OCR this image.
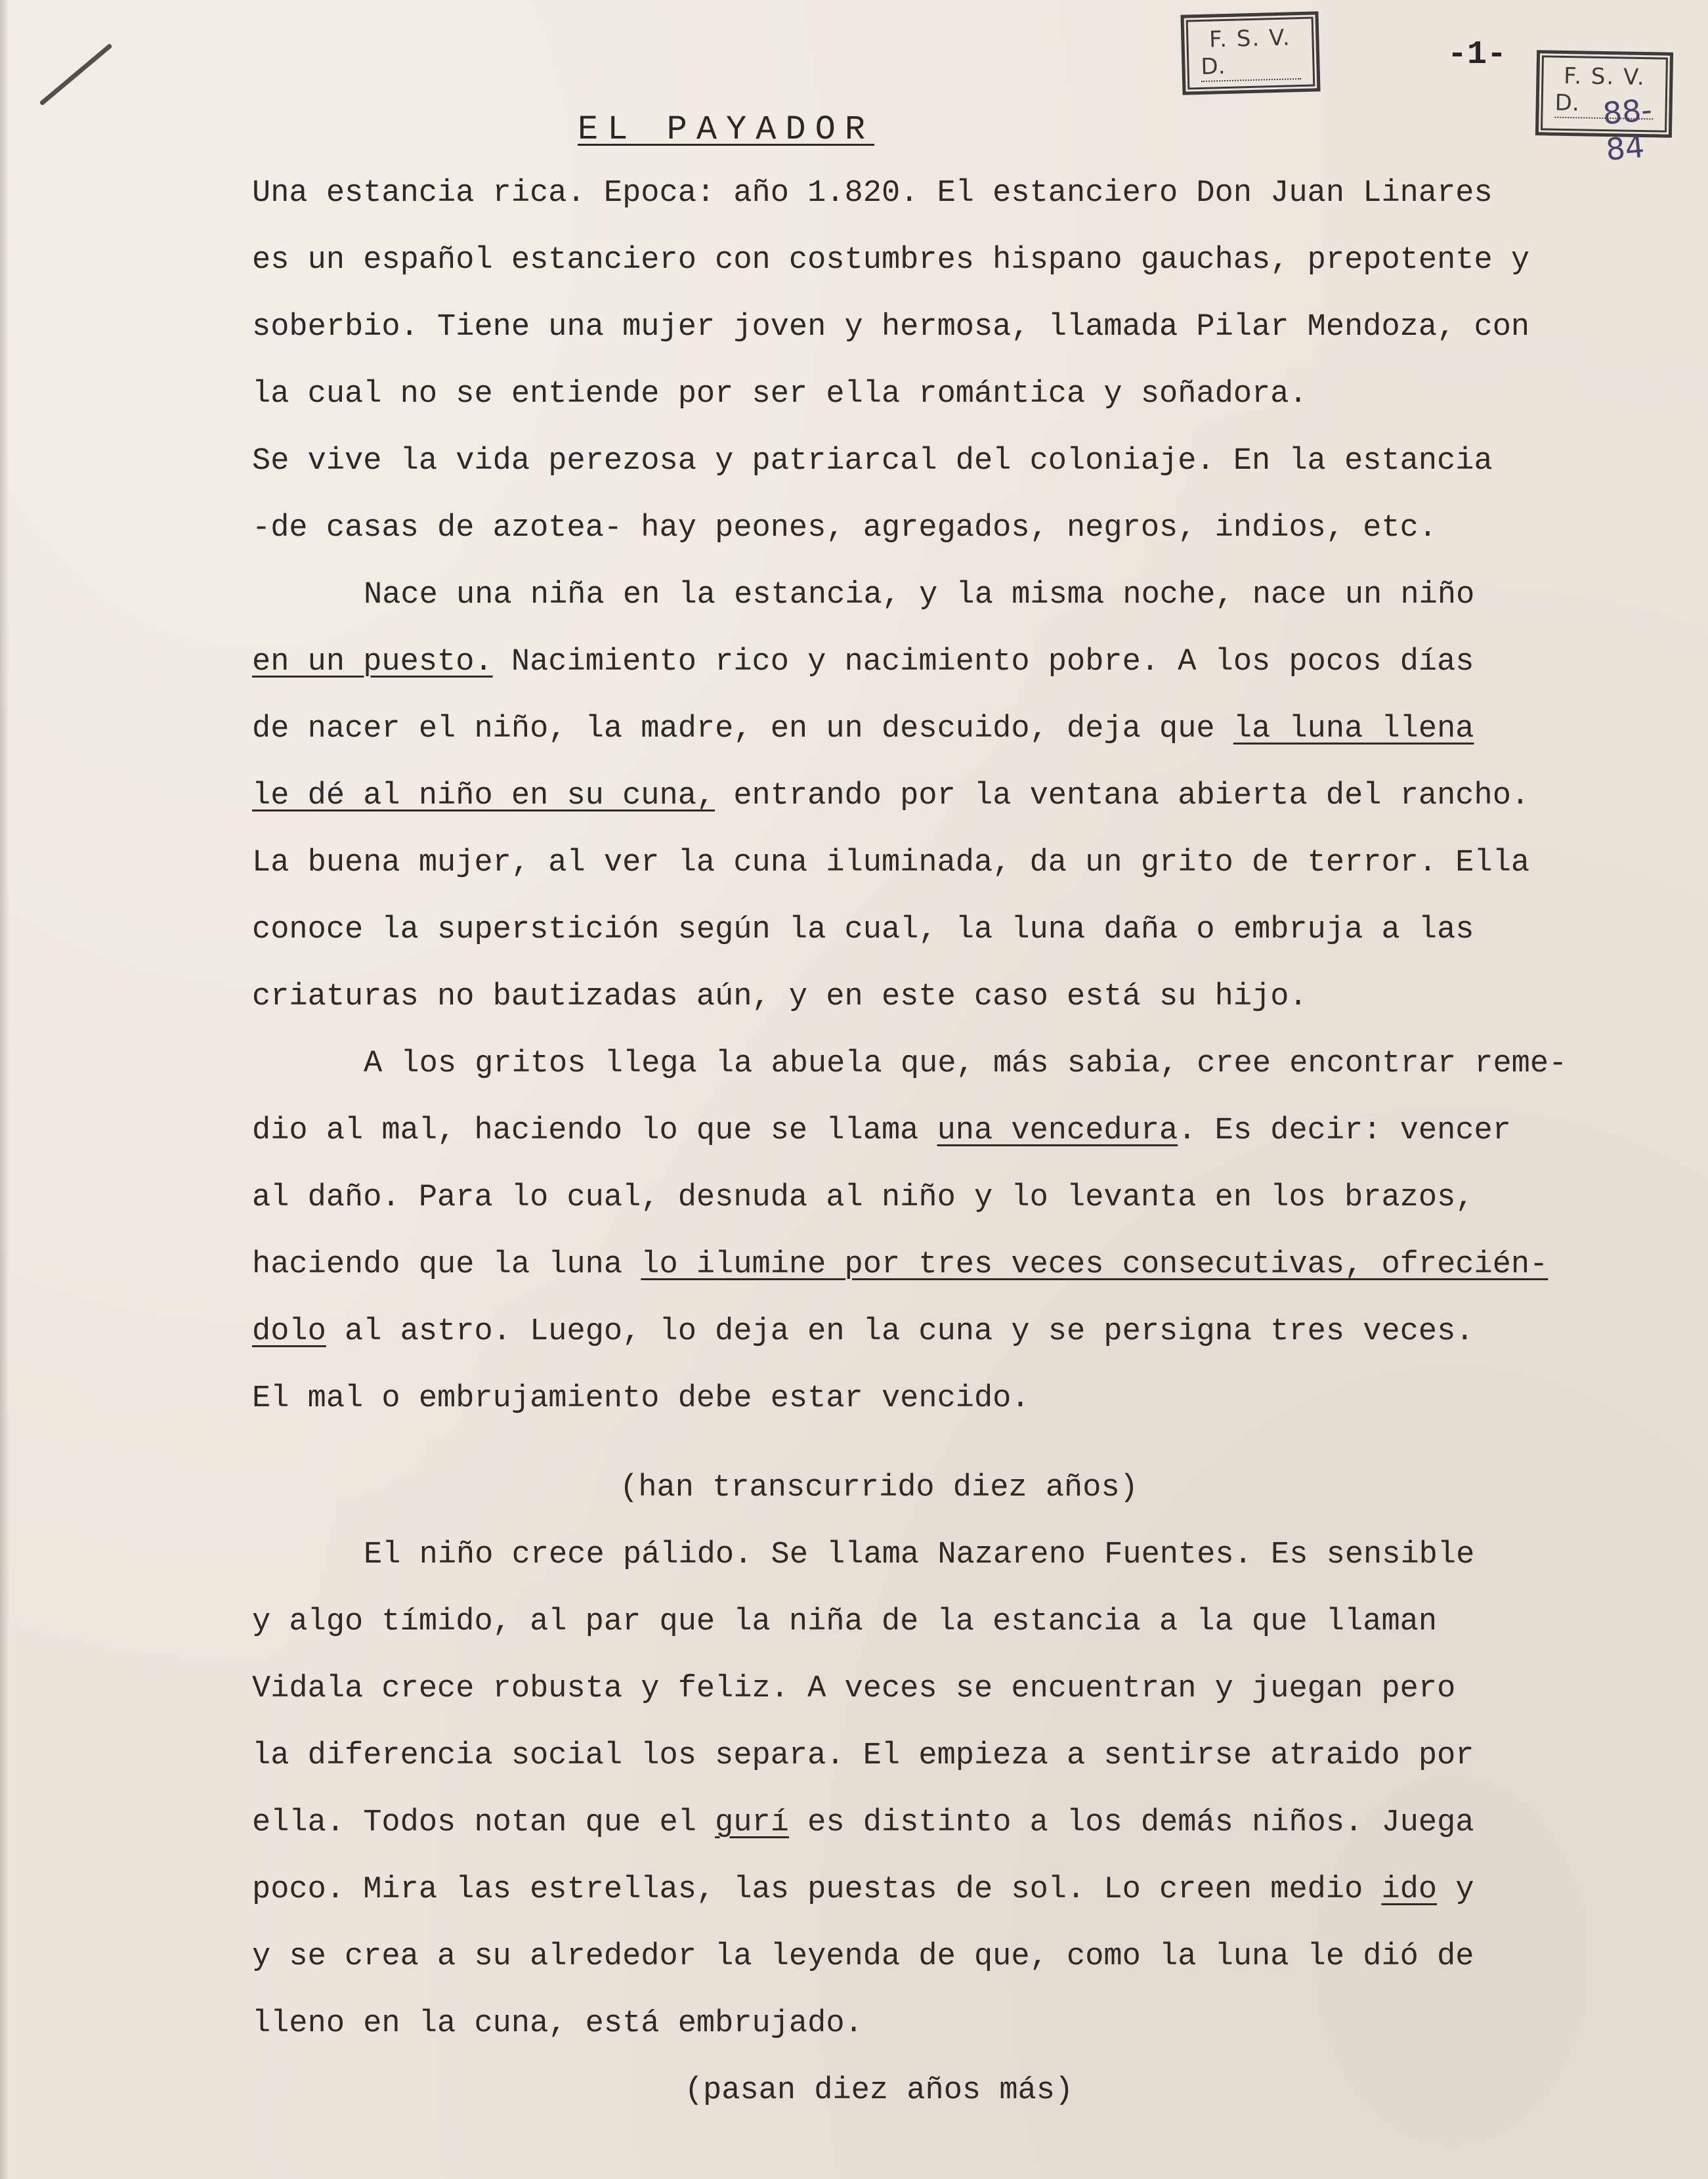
F. S. V.
D.	-1-
F. S. V.
D. 88-84
EL PAYADOR
Una estancia rica. Epoca: año 1.820. El estanciero Don Juan Linares
es un español estanciero con costumbres hispano gauchas, prepotente y
soberbio. Tiene una mujer joven y hermosa, llamada Pilar Mendoza, con
la cual no se entiende por ser ella romántica y soñadora.
Se vive la vida perezosa y patriarcal del coloniaje. En la estancia
-de casas de azotea- hay peones, agregados, negros, indios, etc.
Nace una niña en la estancia, y la misma noche, nace un niño
en un puesto. Nacimiento rico y nacimiento pobre. A los pocos días
de nacer el niño, la madre, en un descuido, deja que la luna llena
le dé al niño en su cuna, entrando por la ventana abierta del rancho.
La buena mujer, al ver la cuna iluminada, da un grito de terror. Ella
conoce la superstición según la cual, la luna daña o embruja a las
criaturas no bautizadas aún, y en este caso está su hijo.
A los gritos llega la abuela que, más sabia, cree encontrar reme-
dio al mal, haciendo lo que se llama una vencedura. Es decir: vencer
al daño. Para lo cual, desnuda al niño y lo levanta en los brazos,
haciendo que la luna lo ilumine por tres veces consecutivas, ofrecién-
dolo al astro. Luego, lo deja en la cuna y se persigna tres veces.
El mal o embrujamiento debe estar vencido.
(han transcurrido diez años)
El niño crece pálido. Se llama Nazareno Fuentes. Es sensible
y algo tímido, al par que la niña de la estancia a la que llaman
Vidala crece robusta y feliz. A veces se encuentran y juegan pero
la diferencia social los separa. El empieza a sentirse atraido por
ella. Todos notan que el gurí es distinto a los demás niños. Juega
poco. Mira las estrellas, las puestas de sol. Lo creen medio ido y
y se crea a su alrededor la leyenda de que, como la luna le dió de
lleno en la cuna, está embrujado.
(pasan diez años más)
